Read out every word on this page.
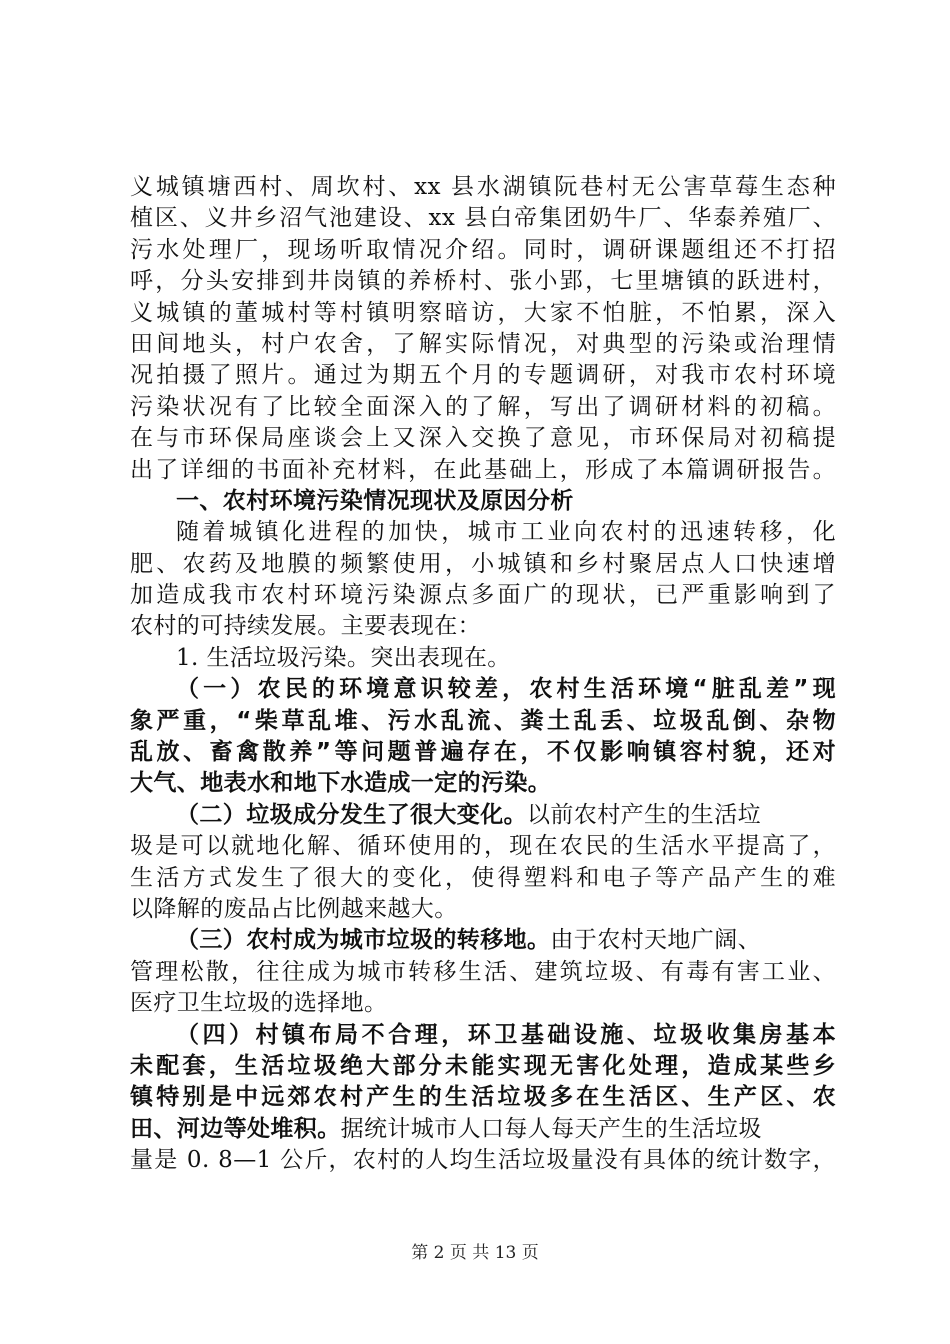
义城镇塘西村、周坎村、xx 县水湖镇阮巷村无公害草莓生态种
植区、义井乡沼气池建设、xx 县白帝集团奶牛厂、华泰养殖厂、
污水处理厂，现场听取情况介绍。同时，调研课题组还不打招
呼，分头安排到井岗镇的养桥村、张小郢，七里塘镇的跃进村，
义城镇的董城村等村镇明察暗访，大家不怕脏，不怕累，深入
田间地头，村户农舍，了解实际情况，对典型的污染或治理情
况拍摄了照片。通过为期五个月的专题调研，对我市农村环境
污染状况有了比较全面深入的了解，写出了调研材料的初稿。
在与市环保局座谈会上又深入交换了意见，市环保局对初稿提
出了详细的书面补充材料，在此基础上，形成了本篇调研报告。
一、农村环境污染情况现状及原因分析
随着城镇化进程的加快，城市工业向农村的迅速转移，化
肥、农药及地膜的频繁使用，小城镇和乡村聚居点人口快速增
加造成我市农村环境污染源点多面广的现状，已严重影响到了
农村的可持续发展。主要表现在：
1. 生活垃圾污染。突出表现在。
（一）农民的环境意识较差，农村生活环境“脏乱差”现
象严重，“柴草乱堆、污水乱流、粪土乱丢、垃圾乱倒、杂物
乱放、畜禽散养”等问题普遍存在，不仅影响镇容村貌，还对
大气、地表水和地下水造成一定的污染。
（二）垃圾成分发生了很大变化。以前农村产生的生活垃
圾是可以就地化解、循环使用的，现在农民的生活水平提高了，
生活方式发生了很大的变化，使得塑料和电子等产品产生的难
以降解的废品占比例越来越大。
（三）农村成为城市垃圾的转移地。由于农村天地广阔、
管理松散，往往成为城市转移生活、建筑垃圾、有毒有害工业、
医疗卫生垃圾的选择地。
（四）村镇布局不合理，环卫基础设施、垃圾收集房基本
未配套，生活垃圾绝大部分未能实现无害化处理，造成某些乡
镇特别是中远郊农村产生的生活垃圾多在生活区、生产区、农
田、河边等处堆积。据统计城市人口每人每天产生的生活垃圾
量是 0. 8—1 公斤，农村的人均生活垃圾量没有具体的统计数字，
第 2 页 共 13 页
